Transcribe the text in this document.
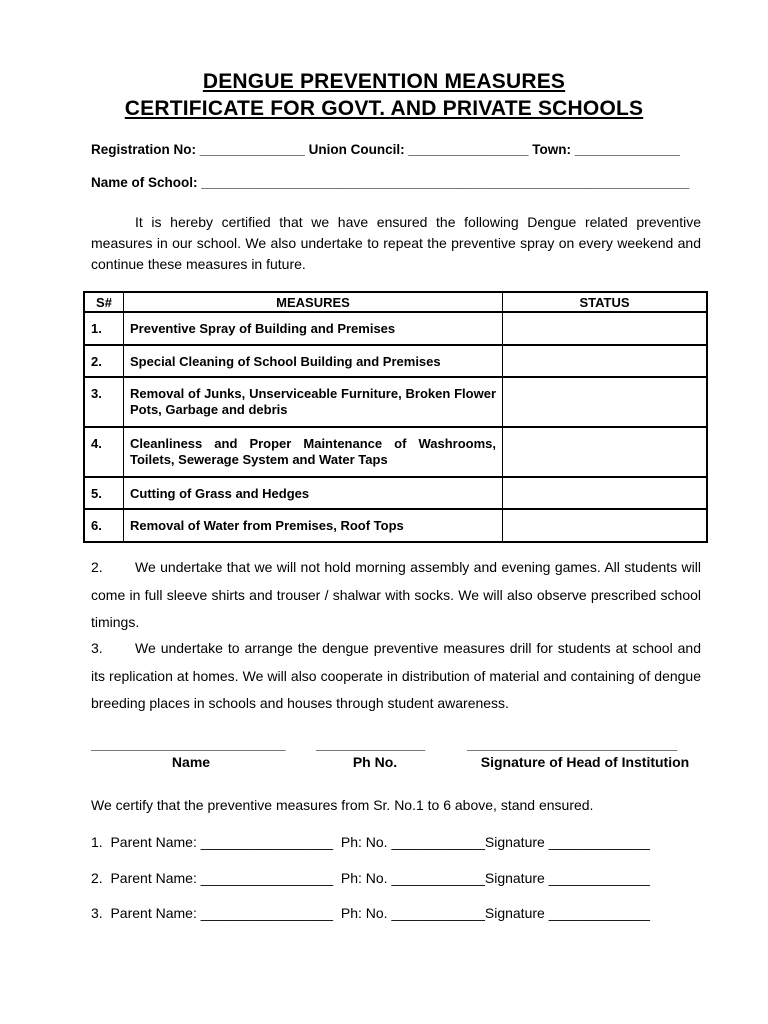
DENGUE PREVENTION MEASURES
CERTIFICATE FOR GOVT. AND PRIVATE SCHOOLS
Registration No: ______________ Union Council: ________________ Town: ______________
Name of School: _________________________________________________________________
It is hereby certified that we have ensured the following Dengue related preventive measures in our school. We also undertake to repeat the preventive spray on every weekend and continue these measures in future.
S#	MEASURES	STATUS
1.	Preventive Spray of Building and Premises	
2.	Special Cleaning of School Building and Premises	
3.	Removal of Junks, Unserviceable Furniture, Broken Flower Pots, Garbage and debris	
4.	Cleanliness and Proper Maintenance of Washrooms, Toilets, Sewerage System and Water Taps	
5.	Cutting of Grass and Hedges	
6.	Removal of Water from Premises, Roof Tops	
2. We undertake that we will not hold morning assembly and evening games. All students will come in full sleeve shirts and trouser / shalwar with socks. We will also observe prescribed school timings.
3. We undertake to arrange the dengue preventive measures drill for students at school and its replication at homes. We will also cooperate in distribution of material and containing of dengue breeding places in schools and houses through student awareness.
_________________________
Name
______________
Ph No.
___________________________
Signature of Head of Institution
We certify that the preventive measures from Sr. No.1 to 6 above, stand ensured.
1.  Parent Name: _________________  Ph: No. ____________Signature _____________
2.  Parent Name: _________________  Ph: No. ____________Signature _____________
3.  Parent Name: _________________  Ph: No. ____________Signature _____________
